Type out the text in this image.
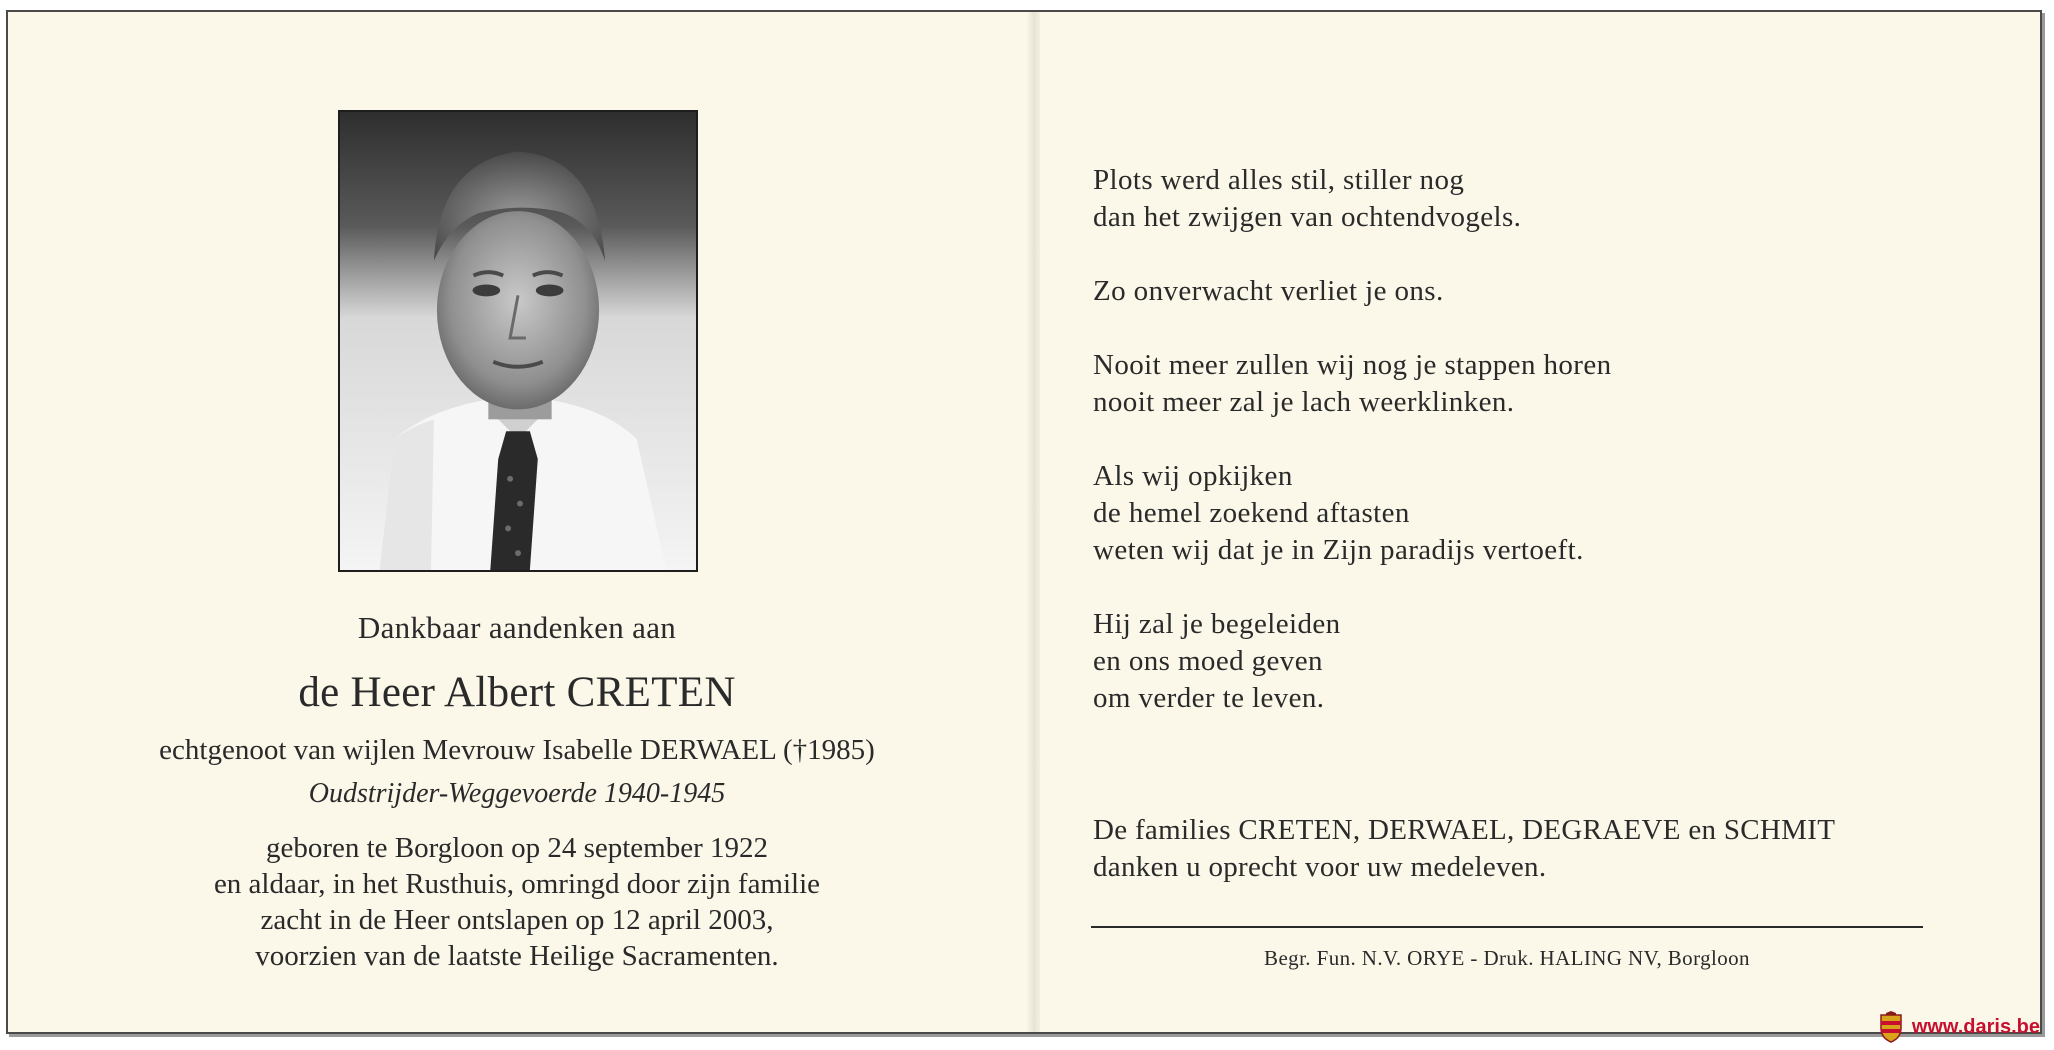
Dankbaar aandenken aan
de Heer Albert CRETEN
echtgenoot van wijlen Mevrouw Isabelle DERWAEL (†1985)
Oudstrijder-Weggevoerde 1940-1945
geboren te Borgloon op 24 september 1922
en aldaar, in het Rusthuis, omringd door zijn familie
zacht in de Heer ontslapen op 12 april 2003,
voorzien van de laatste Heilige Sacramenten.
Plots werd alles stil, stiller nog
dan het zwijgen van ochtendvogels.
Zo onverwacht verliet je ons.
Nooit meer zullen wij nog je stappen horen
nooit meer zal je lach weerklinken.
Als wij opkijken
de hemel zoekend aftasten
weten wij dat je in Zijn paradijs vertoeft.
Hij zal je begeleiden
en ons moed geven
om verder te leven.
De families CRETEN, DERWAEL, DEGRAEVE en SCHMIT
danken u oprecht voor uw medeleven.
Begr. Fun. N.V. ORYE - Druk. HALING NV, Borgloon
www.daris.be
